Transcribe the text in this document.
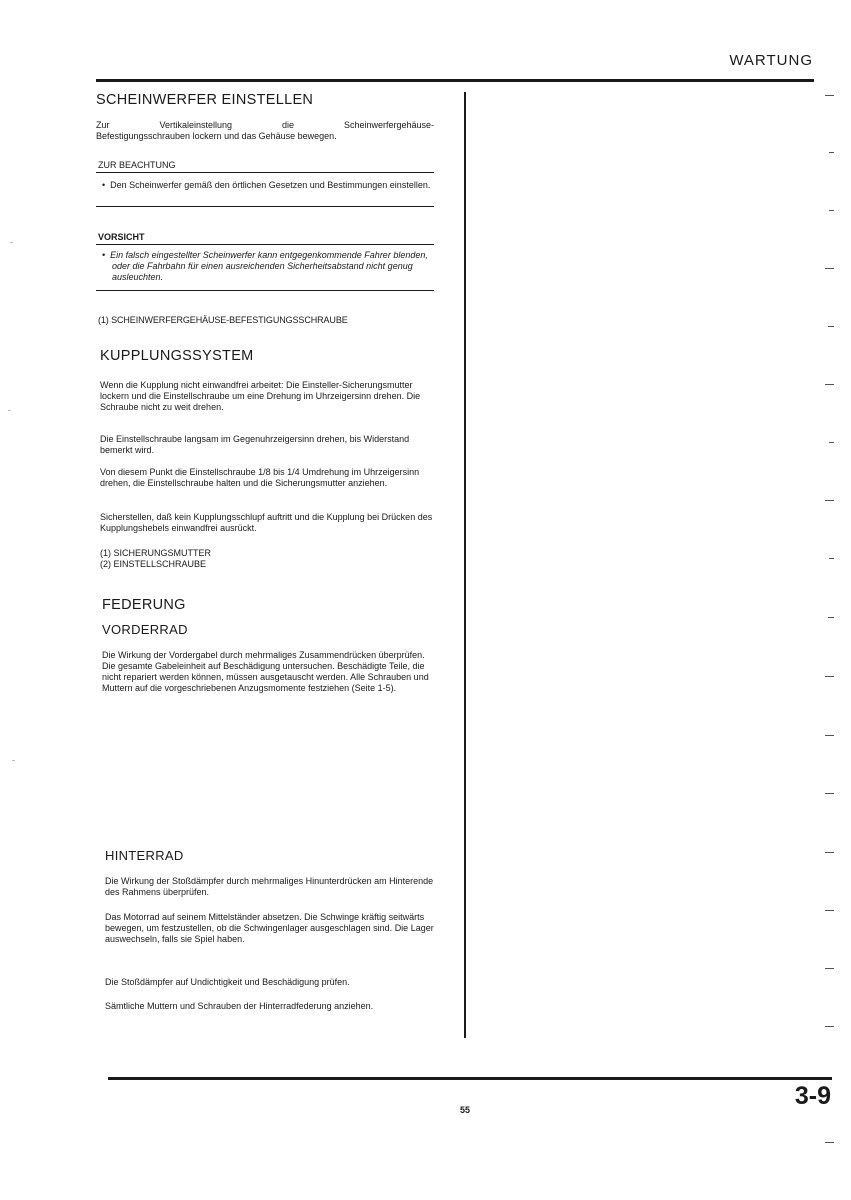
WARTUNG
SCHEINWERFER EINSTELLEN
Zur Vertikaleinstellung die Scheinwerfergehäuse-
Befestigungsschrauben lockern und das Gehäuse bewegen.
ZUR BEACHTUNG
•  Den Scheinwerfer gemäß den örtlichen Gesetzen und Bestimmungen einstellen.
VORSICHT
•  Ein falsch eingestellter Scheinwerfer kann entgegenkommende Fahrer blenden, oder die Fahrbahn für einen ausreichenden Sicherheitsabstand nicht genug ausleuchten.
(1) SCHEINWERFERGEHÄUSE-BEFESTIGUNGSSCHRAUBE
KUPPLUNGSSYSTEM
Wenn die Kupplung nicht einwandfrei arbeitet: Die Einsteller-Sicherungsmutter lockern und die Einstellschraube um eine Drehung im Uhrzeigersinn drehen. Die Schraube nicht zu weit drehen.
Die Einstellschraube langsam im Gegenuhrzeigersinn drehen, bis Widerstand bemerkt wird.
Von diesem Punkt die Einstellschraube 1/8 bis 1/4 Umdrehung im Uhrzeigersinn drehen, die Einstellschraube halten und die Sicherungsmutter anziehen.
Sicherstellen, daß kein Kupplungsschlupf auftritt und die Kupplung bei Drücken des Kupplungshebels einwandfrei ausrückt.
(1) SICHERUNGSMUTTER
(2) EINSTELLSCHRAUBE
FEDERUNG
VORDERRAD
Die Wirkung der Vordergabel durch mehrmaliges Zusammendrücken überprüfen. Die gesamte Gabeleinheit auf Beschädigung untersuchen. Beschädigte Teile, die nicht repariert werden können, müssen ausgetauscht werden. Alle Schrauben und Muttern auf die vorgeschriebenen Anzugsmomente festziehen (Seite 1-5).
HINTERRAD
Die Wirkung der Stoßdämpfer durch mehrmaliges Hinunterdrücken am Hinterende des Rahmens überprüfen.
Das Motorrad auf seinem Mittelständer absetzen. Die Schwinge kräftig seitwärts bewegen, um festzustellen, ob die Schwingenlager ausgeschlagen sind. Die Lager auswechseln, falls sie Spiel haben.
Die Stoßdämpfer auf Undichtigkeit und Beschädigung prüfen.
Sämtliche Muttern und Schrauben der Hinterradfederung anziehen.
55	3-9
